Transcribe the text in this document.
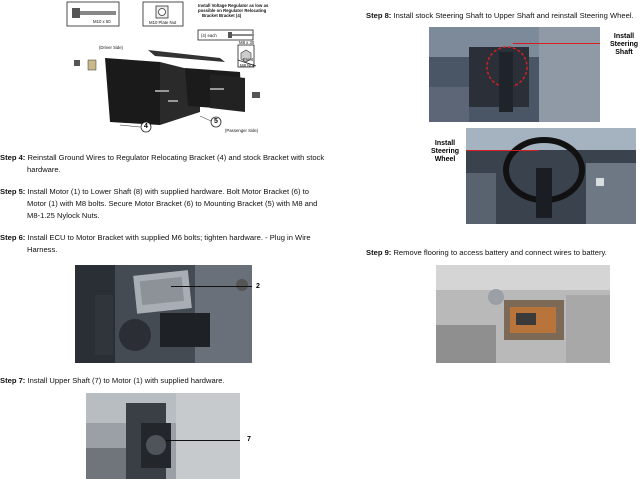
M10 x 50	M10 Plate Nut
Install Voltage Regulator as low as
possible on Regulator Relocating
Bracket Bracket (4)
(4) each
M8 x 30
M8 Nut
Front
(Driver Side)
(Passenger Side)
4
5
Step 4: Reinstall Ground Wires to Regulator Relocating Bracket (4) and stock Bracket with stock
hardware.
Step 5: Install Motor (1) to Lower Shaft (8) with supplied hardware. Bolt Motor Bracket (6) to
Motor (1) with M8 bolts. Secure Motor Bracket (6) to Mounting Bracket (5) with M8 and
M8-1.25 Nylock Nuts.
Step 6: Install ECU to Motor Bracket with supplied M6 bolts; tighten hardware. - Plug in Wire
Harness.
2
Step 7: Install Upper Shaft (7) to Motor (1) with supplied hardware.
7
Step 8: Install stock Steering Shaft to Upper Shaft and reinstall Steering Wheel.
Install
Steering
Shaft
Install
Steering
Wheel
Step 9: Remove flooring to access battery and connect wires to battery.
